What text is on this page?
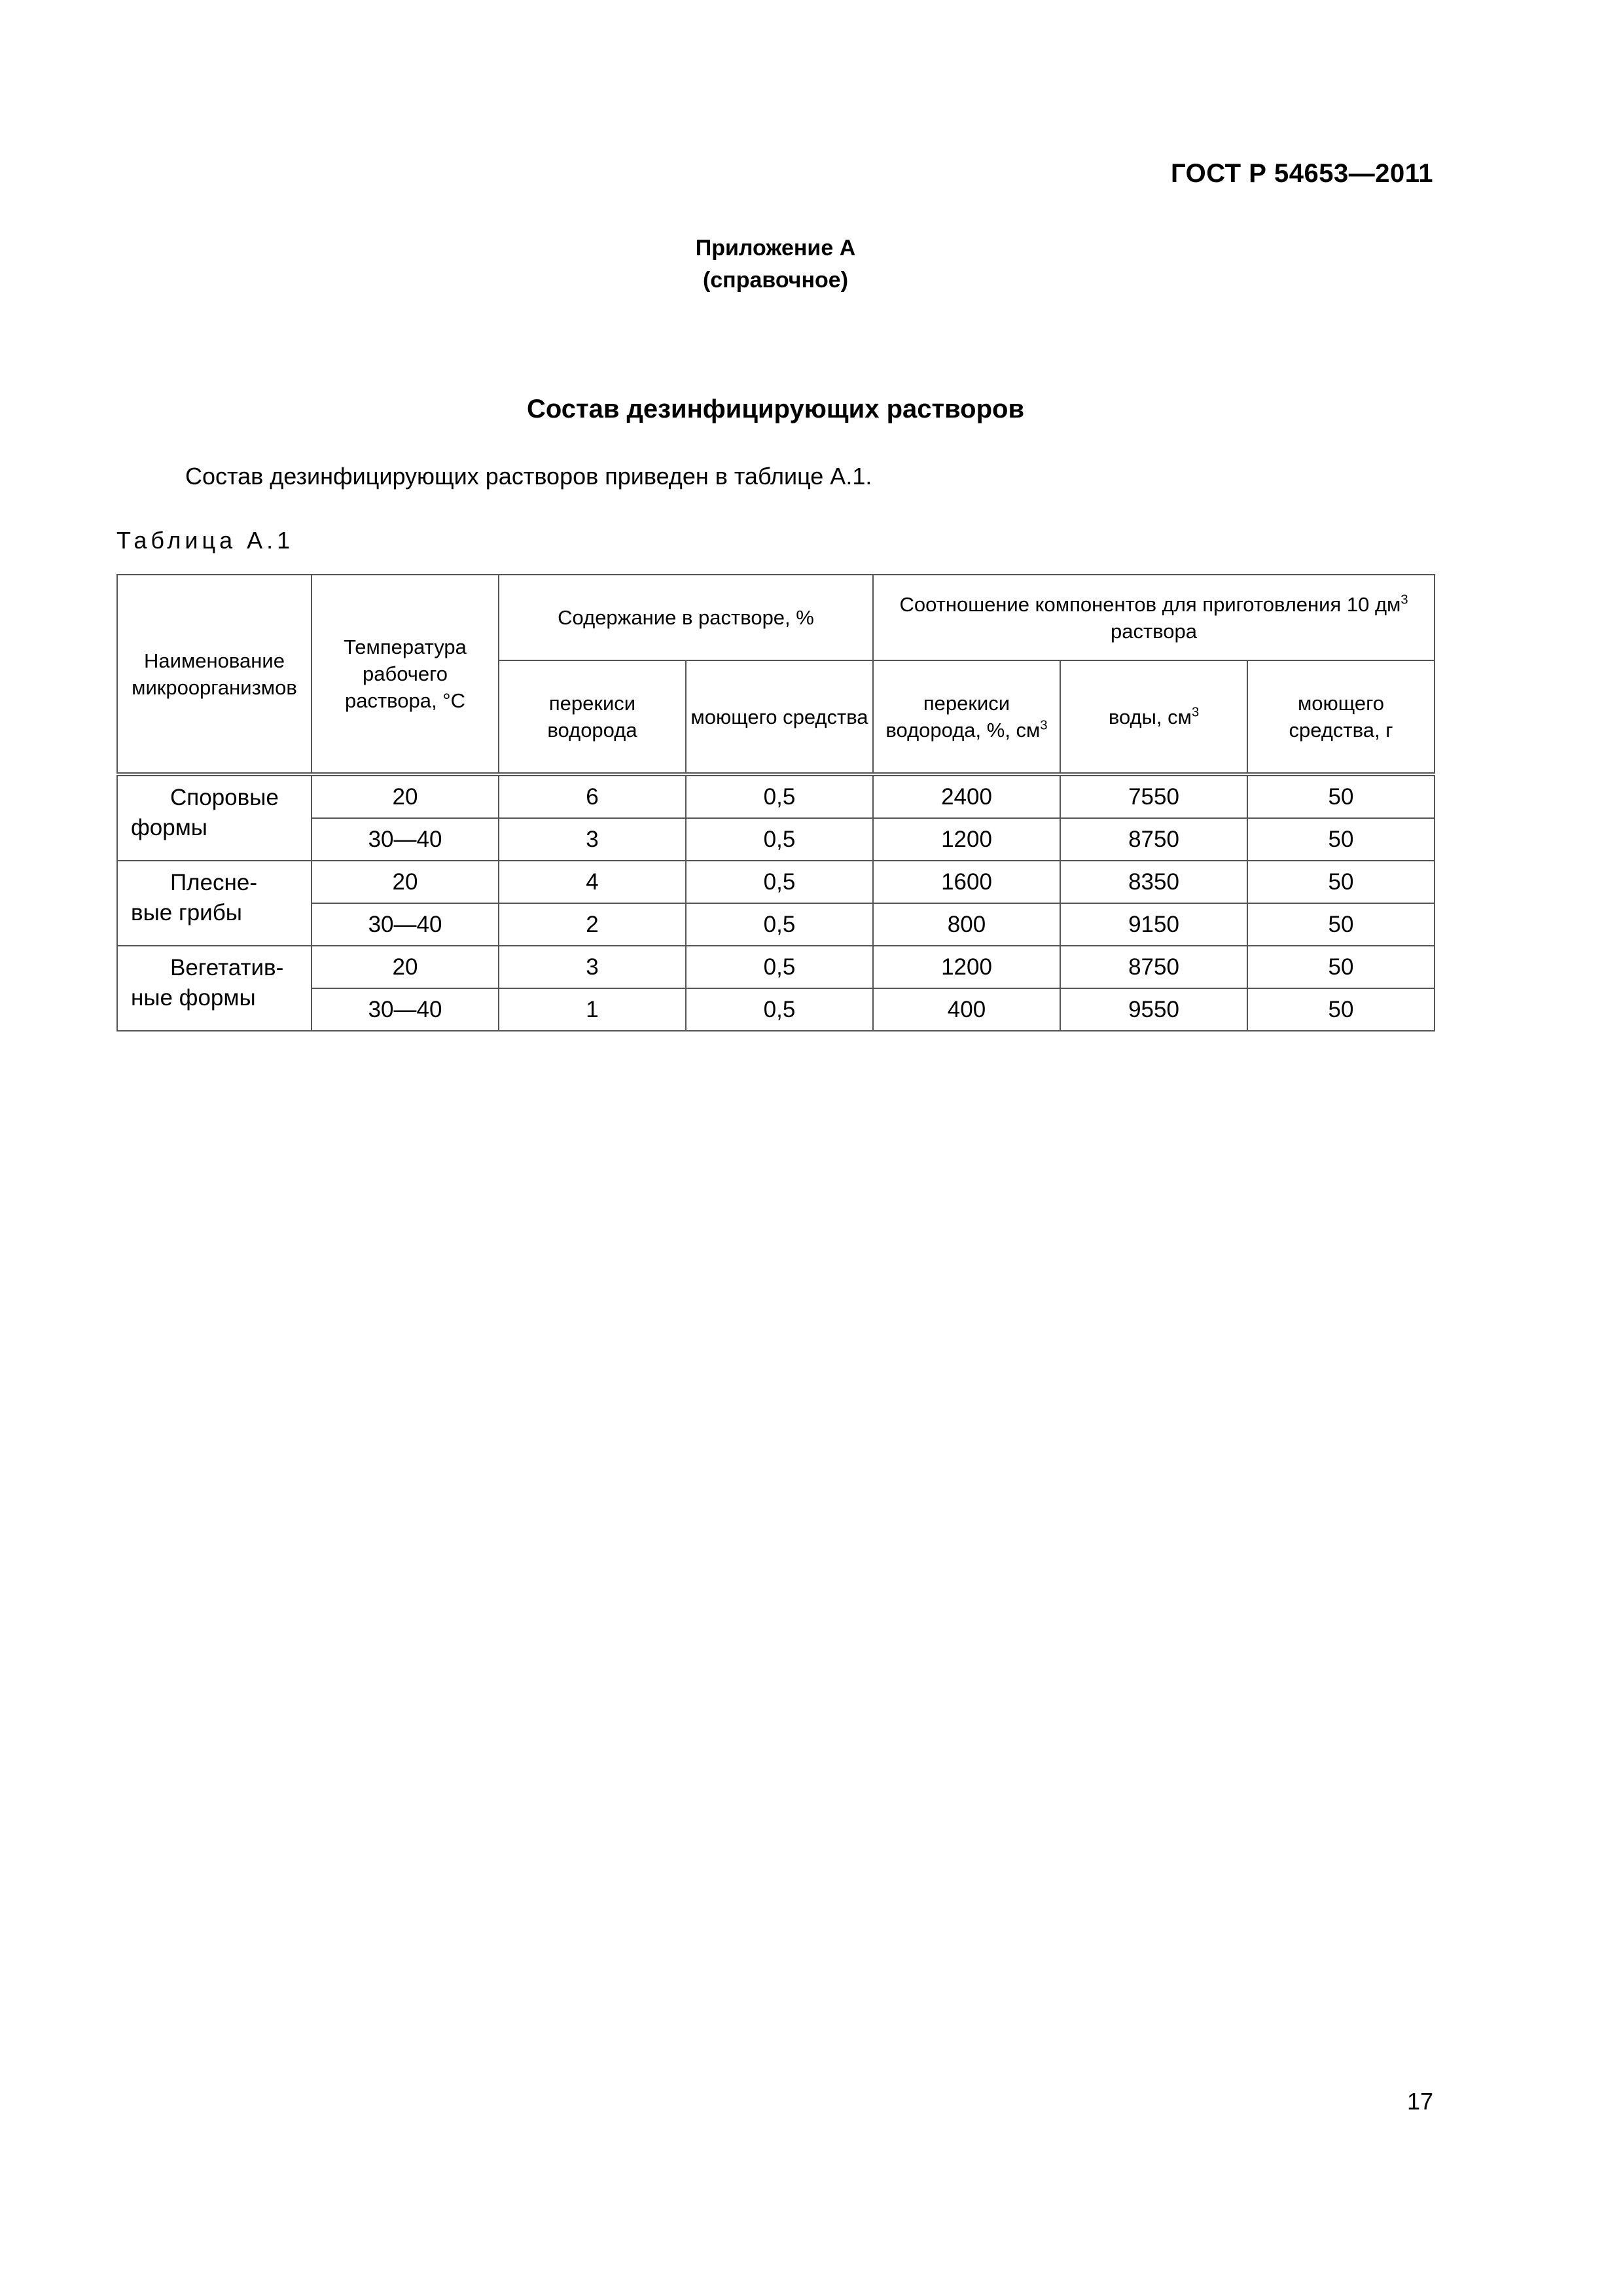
ГОСТ Р 54653—2011
Приложение А
(справочное)
Состав дезинфицирующих растворов
Состав дезинфицирующих растворов приведен в таблице А.1.
Таблица А.1
Наименование микроорганизмов	Температура рабочего раствора, °С	Содержание в растворе, %		Соотношение компонентов для приготовления 10 $дм^3$ раствора		
		перекиси водорода	моющего средства	перекиси водорода, %, $см^3$	воды, $см^3$	моющего средства, г

Споровые
формы	20	6	0,5	2400	7550	50
	30—40	3	0,5	1200	8750	50

Плесне-
вые грибы	20	4	0,5	1600	8350	50
	30—40	2	0,5	800	9150	50

Вегетатив-
ные формы	20	3	0,5	1200	8750	50
	30—40	1	0,5	400	9550	50
17
